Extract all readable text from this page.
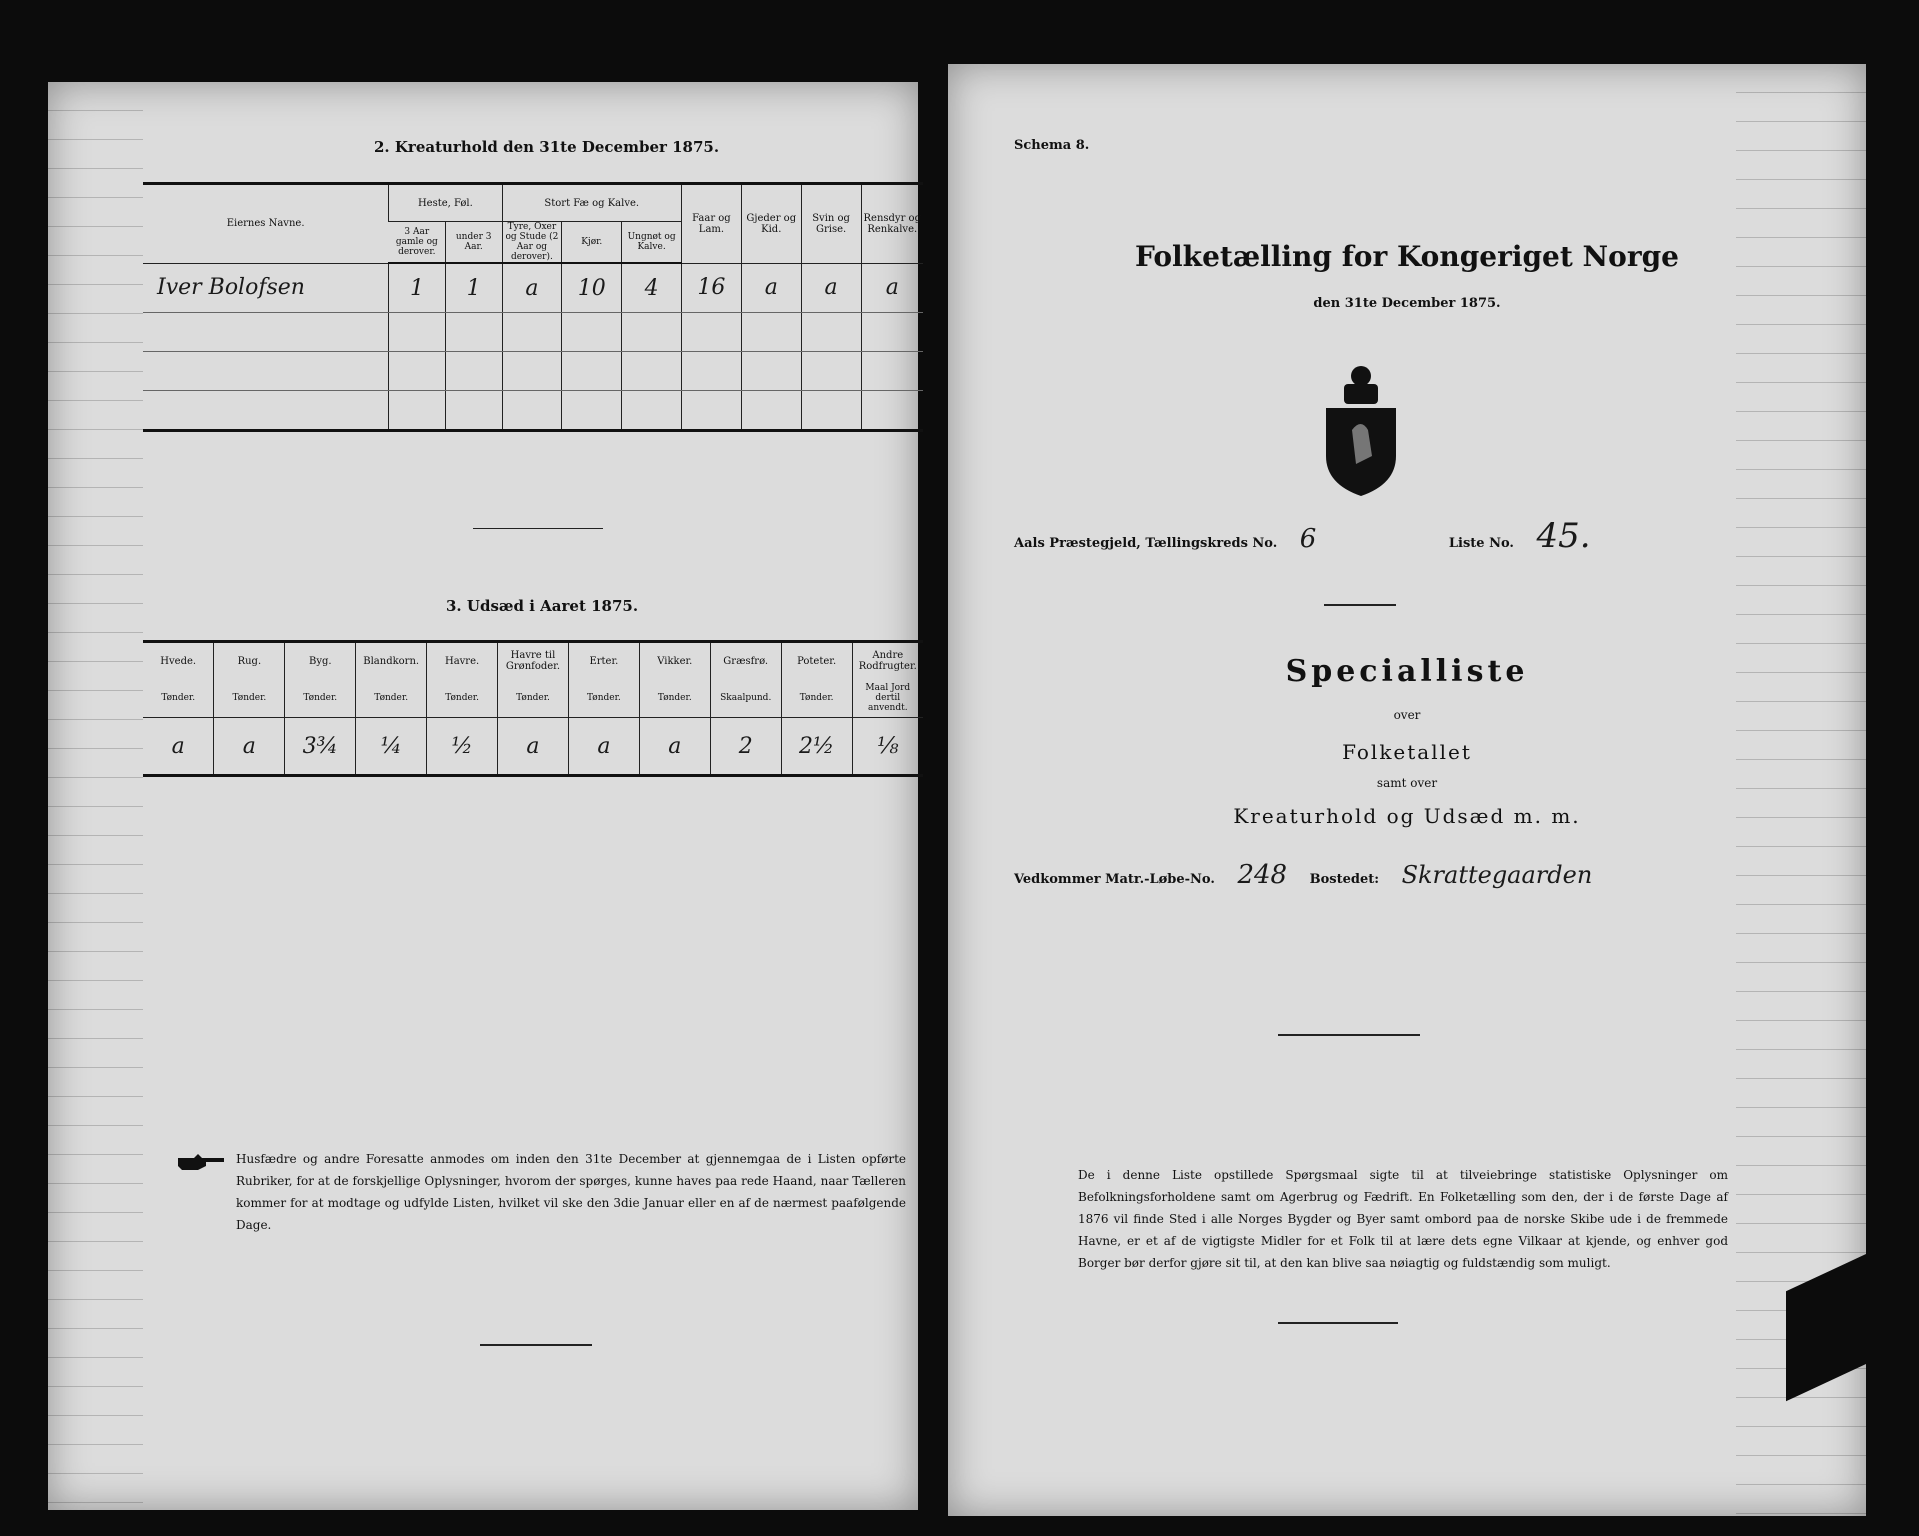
2. Kreaturhold den 31te December 1875.
Eiernes Navne.	Heste, Føl.		Stort Fæ og Kalve.			Faar og Lam.	Gjeder og Kid.	Svin og Grise.	Rensdyr og Renkalve.
	3 Aar gamle og derover.	under 3 Aar.	Tyre, Oxer og Stude (2 Aar og derover).	Kjør.	Ungnøt og Kalve.				
Iver Bolofsen	1	1	a	10	4	16	a	a	a

3. Udsæd i Aaret 1875.
Hvede.	Rug.	Byg.	Blandkorn.	Havre.	Havre til Grønfoder.	Erter.	Vikker.	Græsfrø.	Poteter.	Andre Rodfrugter.
Tønder.	Tønder.	Tønder.	Tønder.	Tønder.	Tønder.	Tønder.	Tønder.	Skaalpund.	Tønder.	Maal Jord dertil anvendt.
a	a	3¾	¼	½	a	a	a	2	2½	⅛
Husfædre og andre Foresatte anmodes om inden den 31te December at gjennemgaa de i Listen opførte Rubriker, for at de forskjellige Oplysninger, hvorom der spørges, kunne haves paa rede Haand, naar Tælleren kommer for at modtage og udfylde Listen, hvilket vil ske den 3die Januar eller en af de nærmest paafølgende Dage.
Schema 8.
Folketælling for Kongeriget Norge
den 31te December 1875.
Aals Præstegjeld, Tællingskreds No. 6	Liste No. 45.
Specialliste
over
Folketallet
samt over
Kreaturhold og Udsæd m. m.
Vedkommer Matr.-Løbe-No. 248 Bostedet: Skrattegaarden
De i denne Liste opstillede Spørgsmaal sigte til at tilveiebringe statistiske Oplysninger om Befolkningsforholdene samt om Agerbrug og Fædrift. En Folketælling som den, der i de første Dage af 1876 vil finde Sted i alle Norges Bygder og Byer samt ombord paa de norske Skibe ude i de fremmede Havne, er et af de vigtigste Midler for et Folk til at lære dets egne Vilkaar at kjende, og enhver god Borger bør derfor gjøre sit til, at den kan blive saa nøiagtig og fuldstændig som muligt.
